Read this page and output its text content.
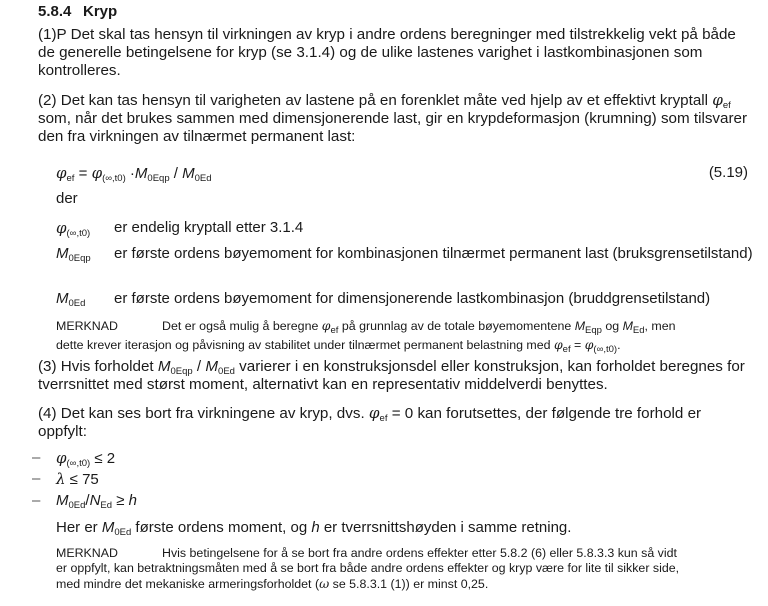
5.8.4 Kryp
(1)P Det skal tas hensyn til virkningen av kryp i andre ordens beregninger med tilstrekkelig vekt på både
de generelle betingelsene for kryp (se 3.1.4) og de ulike lastenes varighet i lastkombinasjonen som
kontrolleres.
(2) Det kan tas hensyn til varigheten av lastene på en forenklet måte ved hjelp av et effektivt kryptall $\varphi_{ef}$
som, når det brukes sammen med dimensjonerende last, gir en krypdeformasjon (krumning) som tilsvarer
den fra virkningen av tilnærmet permanent last:
$\varphi_{ef} = \varphi_{(\infty,t0)} \cdot M_{0Eqp} / M_{0Ed}$	(5.19)
der
$\varphi_{(\infty,t0)}$ er endelig kryptall etter 3.1.4
$M_{0Eqp}$ er første ordens bøyemoment for kombinasjonen tilnærmet permanent last (bruksgrensetilstand)
$M_{0Ed}$ er første ordens bøyemoment for dimensjonerende lastkombinasjon (bruddgrensetilstand)
MERKNAD	Det er også mulig å beregne $\varphi_{ef}$ på grunnlag av de totale bøyemomentene $M_{Eqp}$ og $M_{Ed}$, men
dette krever iterasjon og påvisning av stabilitet under tilnærmet permanent belastning med $\varphi_{ef} = \varphi_{(\infty,t0)}$.
(3) Hvis forholdet $M_{0Eqp} / M_{0Ed}$ varierer i en konstruksjonsdel eller konstruksjon, kan forholdet beregnes for
tverrsnittet med størst moment, alternativt kan en representativ middelverdi benyttes.
(4) Det kan ses bort fra virkningene av kryp, dvs. $\varphi_{ef} = 0$ kan forutsettes, der følgende tre forhold er
oppfylt:
– $\varphi_{(\infty,t0)} \le 2$
– λ ≤ 75
– $M_{0Ed}/N_{Ed} \ge h$
Her er $M_{0Ed}$ første ordens moment, og h er tverrsnittshøyden i samme retning.
MERKNAD	Hvis betingelsene for å se bort fra andre ordens effekter etter 5.8.2 (6) eller 5.8.3.3 kun så vidt
er oppfylt, kan betraktningsmåten med å se bort fra både andre ordens effekter og kryp være for lite til sikker side,
med mindre det mekaniske armeringsforholdet (ω se 5.8.3.1 (1)) er minst 0,25.
